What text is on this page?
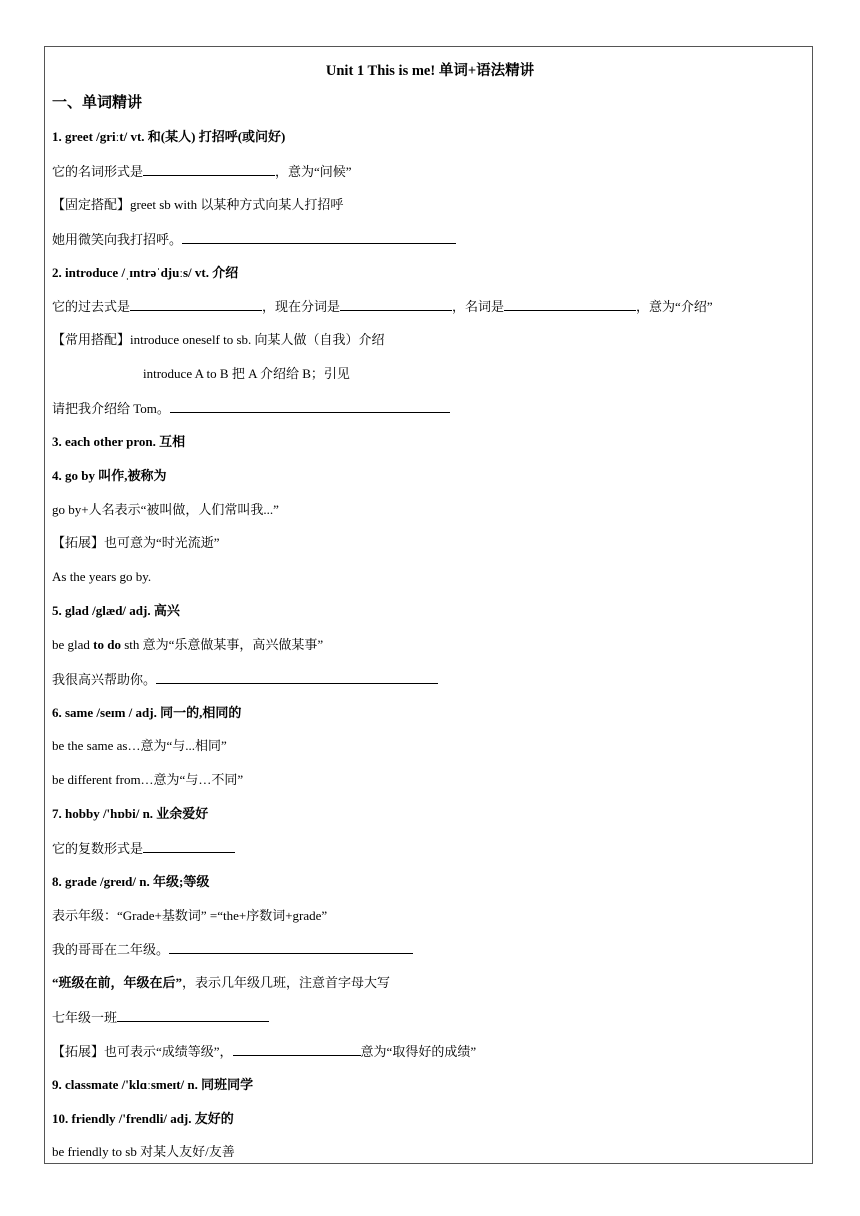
Unit 1 This is me! 单词+语法精讲
一、单词精讲
1. greet /griːt/ vt. 和(某人) 打招呼(或问好)
它的名词形式是	，意为“问候”
【固定搭配】greet sb with 以某种方式向某人打招呼
她用微笑向我打招呼。
2. introduce /ˌɪntrəˈdjuːs/ vt. 介绍
它的过去式是	，现在分词是	，名词是	，意为“介绍”
【常用搭配】introduce oneself to sb. 向某人做（自我）介绍
introduce A to B 把 A 介绍给 B；引见
请把我介绍给 Tom。
3. each other pron. 互相
4. go by 叫作,被称为
go by+人名表示“被叫做，人们常叫我...”
【拓展】也可意为“时光流逝”
As the years go by.
5. glad /glæd/ adj. 高兴
be glad to do sth 意为“乐意做某事，高兴做某事”
我很高兴帮助你。
6. same /seɪm / adj. 同一的,相同的
be the same as…意为“与...相同”
be different from…意为“与…不同”
7. hobby /'hɒbi/ n. 业余爱好
它的复数形式是
8. grade /greɪd/ n. 年级;等级
表示年级：“Grade+基数词” =“the+序数词+grade”
我的哥哥在二年级。
“班级在前，年级在后”，表示几年级几班，注意首字母大写
七年级一班
【拓展】也可表示“成绩等级”，	意为“取得好的成绩”
9. classmate /'klɑːsmeɪt/ n. 同班同学
10. friendly /'frendli/ adj. 友好的
be friendly to sb 对某人友好/友善
